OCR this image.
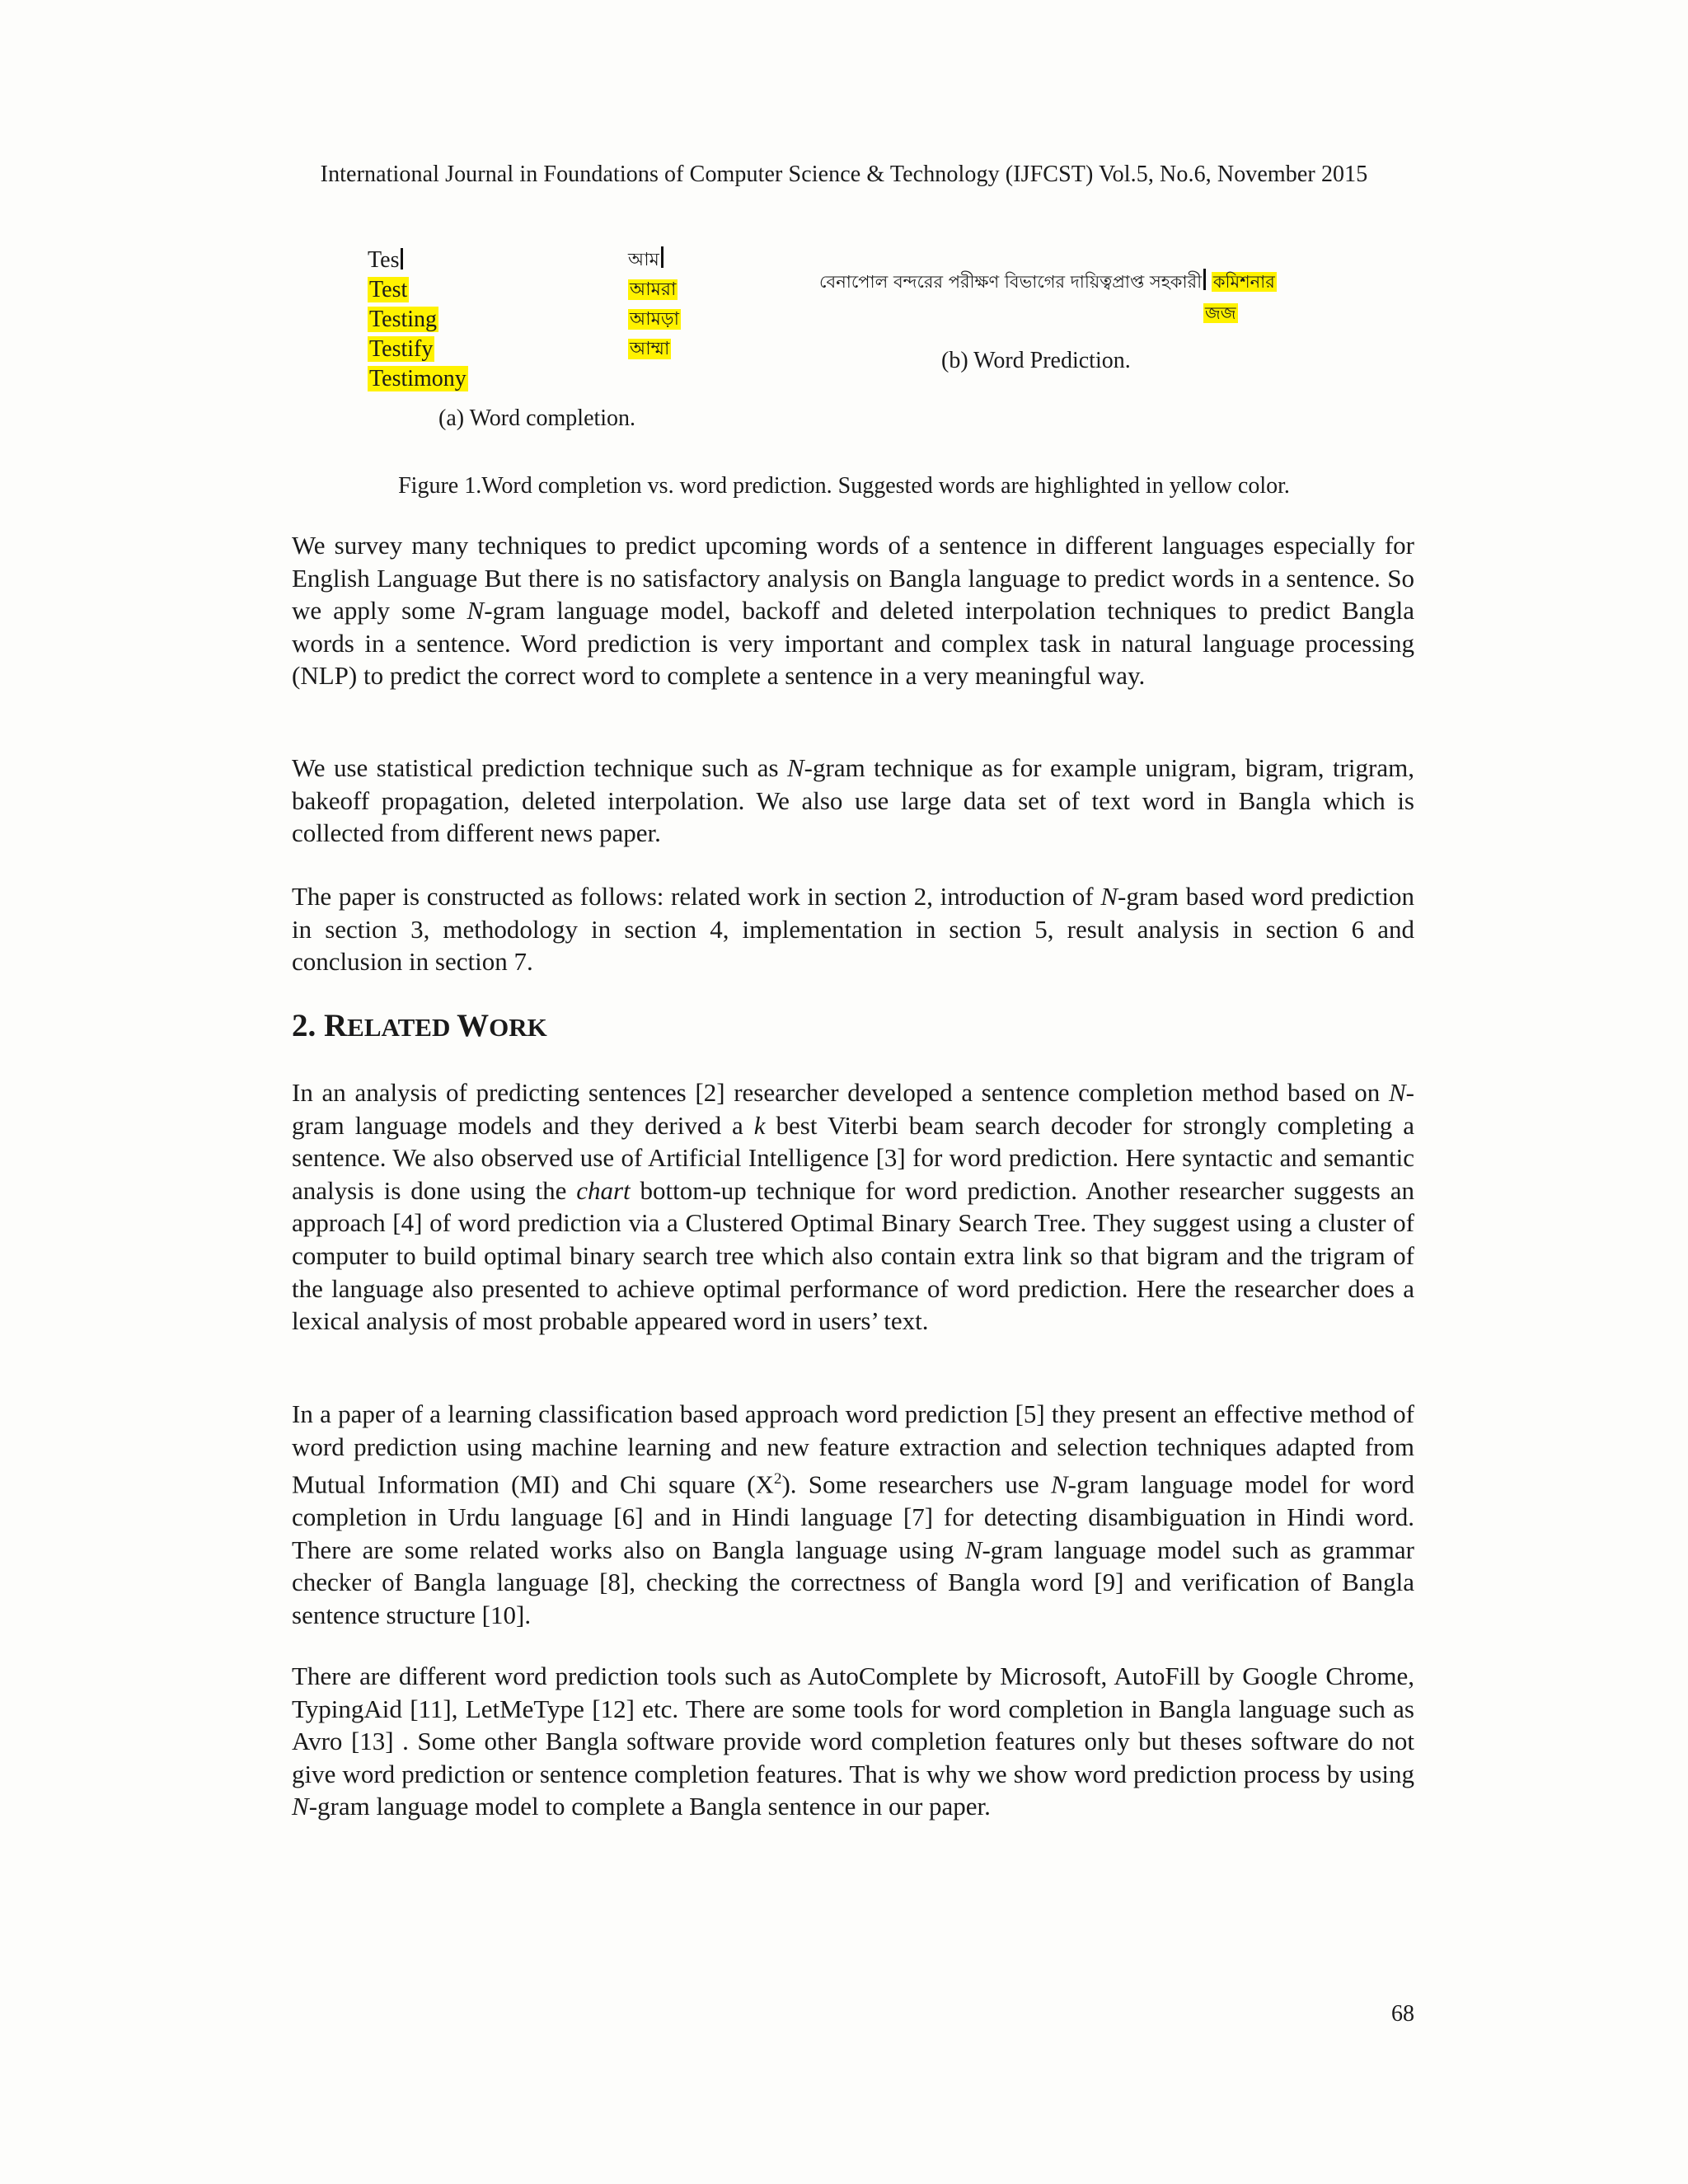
International Journal in Foundations of Computer Science & Technology (IJFCST) Vol.5, No.6, November 2015
Tes
Test
Testing
Testify
Testimony
আম
আমরা
আমড়া
আম্মা
(a) Word completion.
বেনাপোল বন্দরের পরীক্ষণ বিভাগের দায়িত্বপ্রাপ্ত সহকারী কমিশনার
জজ
(b) Word Prediction.
Figure 1.Word completion vs. word prediction. Suggested words are highlighted in yellow color.

We survey many techniques to predict upcoming words of a sentence in different languages especially for English Language But there is no satisfactory analysis on Bangla language to predict words in a sentence. So we apply some N-gram language model, backoff and deleted interpolation techniques to predict Bangla words in a sentence. Word prediction is very important and complex task in natural language processing (NLP) to predict the correct word to complete a sentence in a very meaningful way.

We use statistical prediction technique such as N-gram technique as for example unigram, bigram, trigram, bakeoff propagation, deleted interpolation. We also use large data set of text word in Bangla which is collected from different news paper.

The paper is constructed as follows: related work in section 2, introduction of N-gram based word prediction in section 3, methodology in section 4, implementation in section 5, result analysis in section 6 and conclusion in section 7.

2. RELATED WORK

In an analysis of predicting sentences [2] researcher developed a sentence completion method based on N-gram language models and they derived a k best Viterbi beam search decoder for strongly completing a sentence. We also observed use of Artificial Intelligence [3] for word prediction. Here syntactic and semantic analysis is done using the chart bottom-up technique for word prediction. Another researcher suggests an approach [4] of word prediction via a Clustered Optimal Binary Search Tree. They suggest using a cluster of computer to build optimal binary search tree which also contain extra link so that bigram and the trigram of the language also presented to achieve optimal performance of word prediction. Here the researcher does a lexical analysis of most probable appeared word in users’ text.

In a paper of a learning classification based approach word prediction [5] they present an effective method of word prediction using machine learning and new feature extraction and selection techniques adapted from Mutual Information (MI) and Chi square $(X^2)$. Some researchers use N-gram language model for word completion in Urdu language [6] and in Hindi language [7] for detecting disambiguation in Hindi word. There are some related works also on Bangla language using N-gram language model such as grammar checker of Bangla language [8], checking the correctness of Bangla word [9] and verification of Bangla sentence structure [10].

There are different word prediction tools such as AutoComplete by Microsoft, AutoFill by Google Chrome, TypingAid [11], LetMeType [12] etc. There are some tools for word completion in Bangla language such as Avro [13] . Some other Bangla software provide word completion features only but theses software do not give word prediction or sentence completion features. That is why we show word prediction process by using N-gram language model to complete a Bangla sentence in our paper.

68
